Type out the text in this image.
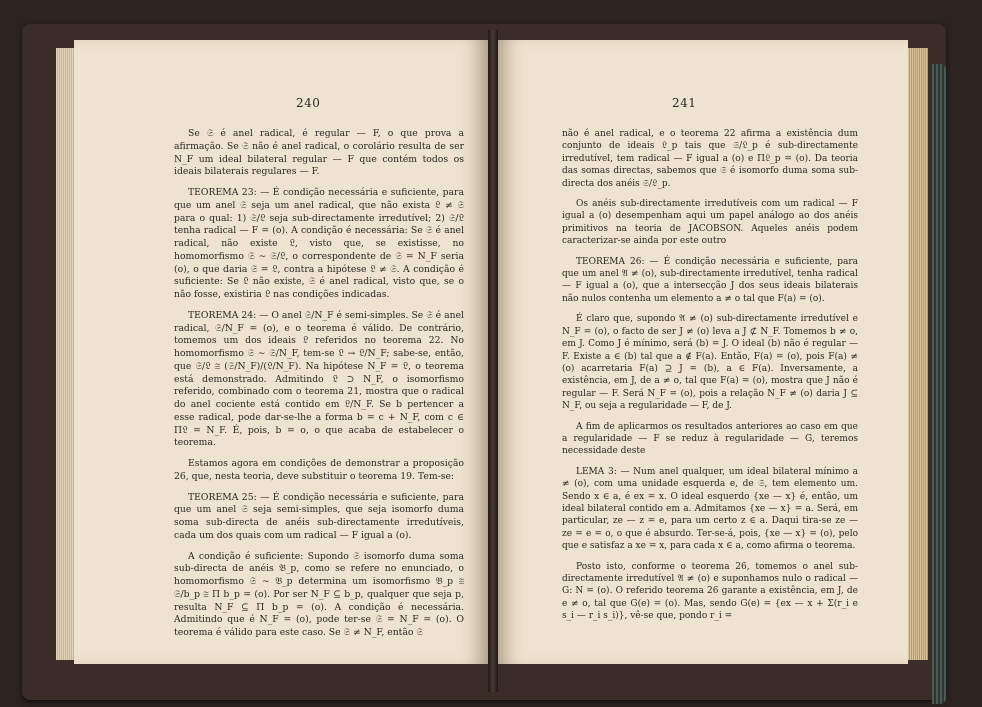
240

Se 𝔖 é anel radical, é regular — F, o que prova a afirmação. Se 𝔖 não é anel radical, o corolário resulta de ser N_F um ideal bilateral regular — F que contém todos os ideais bilaterais regulares — F.

TEOREMA 23: — É condição necessária e suficiente, para que um anel 𝔖 seja um anel radical, que não exista 𝔏 ≠ 𝔖 para o qual: 1) 𝔖/𝔏 seja sub-directamente irredutível; 2) 𝔖/𝔏 tenha radical — F = (o). A condição é necessária: Se 𝔖 é anel radical, não existe 𝔏, visto que, se existisse, no homomorfismo 𝔖 ∼ 𝔖/𝔏, o correspondente de 𝔖 = N_F seria (o), o que daria 𝔖 = 𝔏, contra a hipótese 𝔏 ≠ 𝔖. A condição é suficiente: Se 𝔏 não existe, 𝔖 é anel radical, visto que, se o não fosse, existiria 𝔏 nas condições indicadas.

TEOREMA 24: — O anel 𝔖/N_F é semi-simples. Se 𝔖 é anel radical, 𝔖/N_F = (o), e o teorema é válido. De contrário, tomemos um dos ideais 𝔏 referidos no teorema 22. No homomorfismo 𝔖 ∼ 𝔖/N_F, tem-se 𝔏 → 𝔏/N_F; sabe-se, então, que 𝔖/𝔏 ≅ (𝔖/N_F)/(𝔏/N_F). Na hipótese N_F = 𝔏, o teorema está demonstrado. Admitindo 𝔏 ⊃ N_F, o isomorfismo referido, combinado com o teorema 21, mostra que o radical do anel cociente está contido em 𝔏/N_F. Se b pertencer a esse radical, pode dar-se-lhe a forma b = c + N_F, com c ∈ Π𝔏 = N_F. É, pois, b = o, o que acaba de estabelecer o teorema.

Estamos agora em condições de demonstrar a proposição 26, que, nesta teoria, deve substituir o teorema 19. Tem-se:

TEOREMA 25: — É condição necessária e suficiente, para que um anel 𝔖 seja semi-simples, que seja isomorfo duma soma sub-directa de anéis sub-directamente irredutíveis, cada um dos quais com um radical — F igual a (o).

A condição é suficiente: Supondo 𝔖 isomorfo duma soma sub-directa de anéis 𝔅_p, como se refere no enunciado, o homomorfismo 𝔖 ∼ 𝔅_p determina um isomorfismo 𝔅_p ≅ 𝔖/b_p ≅ Π b_p = (o). Por ser N_F ⊆ b_p, qualquer que seja p, resulta N_F ⊆ Π b_p = (o). A condição é necessária. Admitindo que é N_F = (o), pode ter-se 𝔖 = N_F = (o). O teorema é válido para este caso. Se 𝔖 ≠ N_F, então 𝔖

241

não é anel radical, e o teorema 22 afirma a existência dum conjunto de ideais 𝔏_p tais que 𝔖/𝔏_p é sub-directamente irredutível, tem radical — F igual a (o) e Π𝔏_p = (o). Da teoria das somas directas, sabemos que 𝔖 é isomorfo duma soma sub-directa dos anéis 𝔖/𝔏_p.

Os anéis sub-directamente irredutíveis com um radical — F igual a (o) desempenham aqui um papel análogo ao dos anéis primitivos na teoria de JACOBSON. Aqueles anéis podem caracterizar-se ainda por este outro

TEOREMA 26: — É condição necessária e suficiente, para que um anel 𝔄 ≠ (o), sub-directamente irredutível, tenha radical — F igual a (o), que a intersecção J dos seus ideais bilaterais não nulos contenha um elemento a ≠ o tal que F(a) = (o).

É claro que, supondo 𝔄 ≠ (o) sub-directamente irredutível e N_F = (o), o facto de ser J ≠ (o) leva a J ⊄ N_F. Tomemos b ≠ o, em J. Como J é mínimo, será (b) = J. O ideal (b) não é regular — F. Existe a ∈ (b) tal que a ∉ F(a). Então, F(a) = (o), pois F(a) ≠ (o) acarretaria F(a) ⊇ J = (b), a ∈ F(a). Inversamente, a existência, em J, de a ≠ o, tal que F(a) = (o), mostra que J não é regular — F. Será N_F = (o), pois a relação N_F ≠ (o) daria J ⊆ N_F, ou seja a regularidade — F, de J.

A fim de aplicarmos os resultados anteriores ao caso em que a regularidade — F se reduz à regularidade — G, teremos necessidade deste

LEMA 3: — Num anel qualquer, um ideal bilateral mínimo a ≠ (o), com uma unidade esquerda e, de 𝔖, tem elemento um. Sendo x ∈ a, é ex = x. O ideal esquerdo {xe — x} é, então, um ideal bilateral contido em a. Admitamos {xe — x} = a. Será, em particular, ze — z = e, para um certo z ∈ a. Daqui tira-se ze — ze = e = o, o que é absurdo. Ter-se-á, pois, {xe — x} = (o), pelo que e satisfaz a xe = x, para cada x ∈ a, como afirma o teorema.

Posto isto, conforme o teorema 26, tomemos o anel sub-directamente irredutível 𝔄 ≠ (o) e suponhamos nulo o radical — G: N = (o). O referido teorema 26 garante a existência, em J, de e ≠ o, tal que G(e) = (o). Mas, sendo G(e) = {ex — x + Σ(r_i e s_i — r_i s_i)}, vê-se que, pondo r_i =
